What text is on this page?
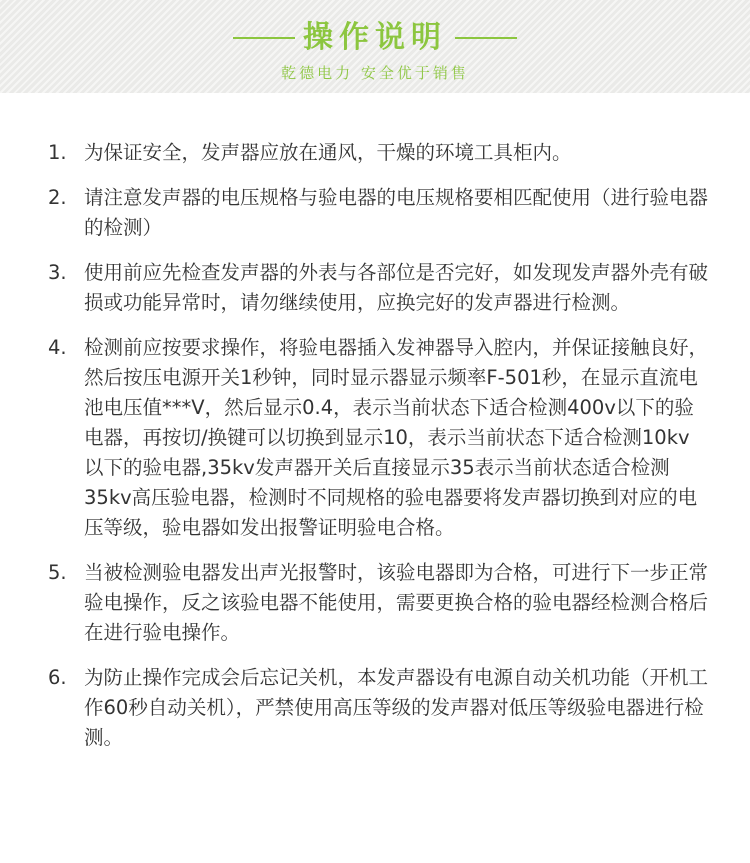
操作说明
乾德电力 安全优于销售
1. 为保证安全，发声器应放在通风，干燥的环境工具柜内。
2. 请注意发声器的电压规格与验电器的电压规格要相匹配使用（进行验电器的检测）
3. 使用前应先检查发声器的外表与各部位是否完好，如发现发声器外壳有破损或功能异常时，请勿继续使用，应换完好的发声器进行检测。
4. 检测前应按要求操作，将验电器插入发神器导入腔内，并保证接触良好，然后按压电源开关1秒钟，同时显示器显示频率F-501秒，在显示直流电池电压值***V，然后显示0.4，表示当前状态下适合检测400v以下的验电器，再按切/换键可以切换到显示10，表示当前状态下适合检测10kv以下的验电器,35kv发声器开关后直接显示35表示当前状态适合检测35kv高压验电器，检测时不同规格的验电器要将发声器切换到对应的电压等级，验电器如发出报警证明验电合格。
5. 当被检测验电器发出声光报警时，该验电器即为合格，可进行下一步正常验电操作，反之该验电器不能使用，需要更换合格的验电器经检测合格后在进行验电操作。
6. 为防止操作完成会后忘记关机，本发声器设有电源自动关机功能（开机工作60秒自动关机），严禁使用高压等级的发声器对低压等级验电器进行检测。
